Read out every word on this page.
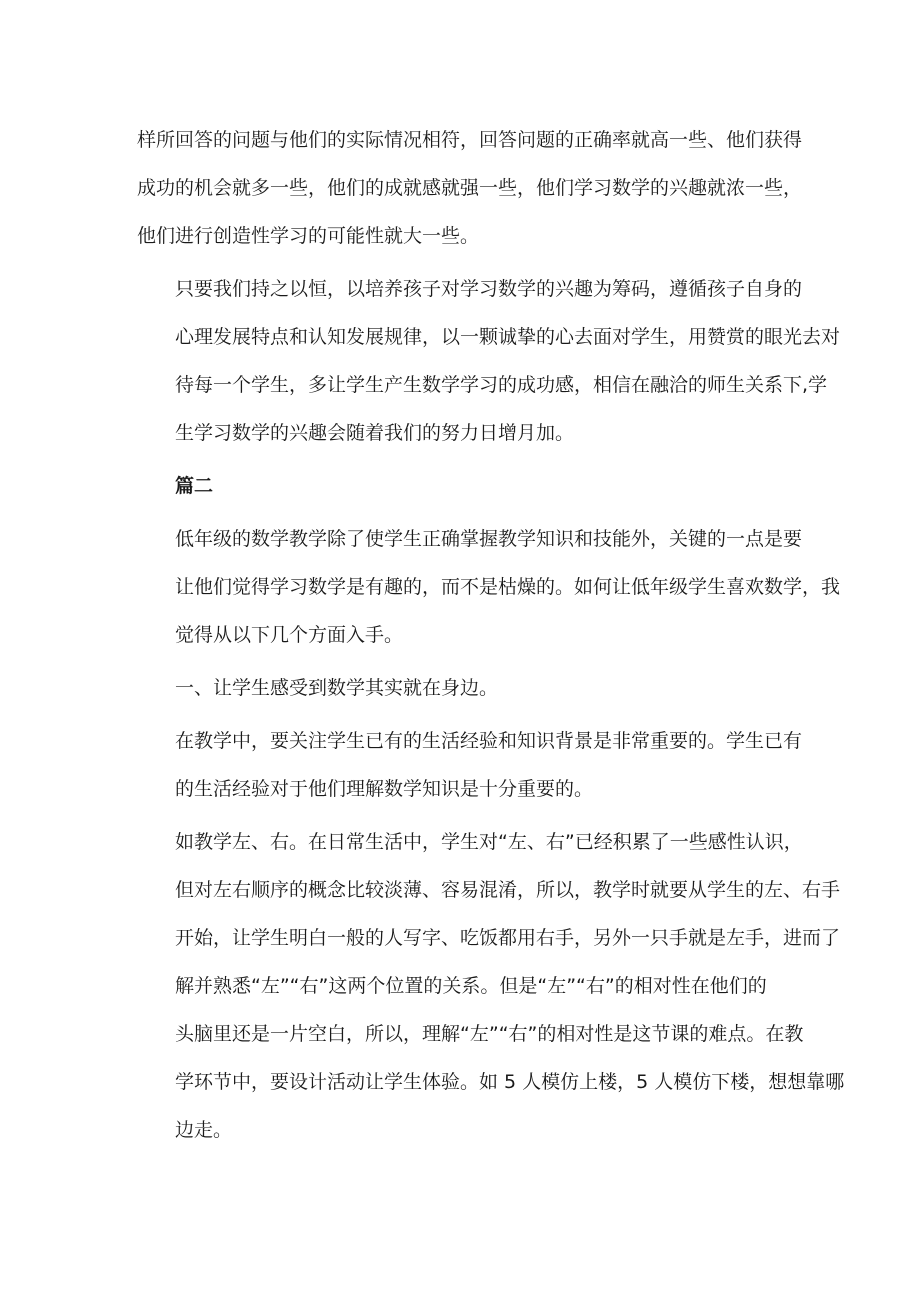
样所回答的问题与他们的实际情况相符，回答问题的正确率就高一些、他们获得
成功的机会就多一些，他们的成就感就强一些，他们学习数学的兴趣就浓一些，
他们进行创造性学习的可能性就大一些。
只要我们持之以恒，以培养孩子对学习数学的兴趣为筹码，遵循孩子自身的
心理发展特点和认知发展规律，以一颗诚挚的心去面对学生，用赞赏的眼光去对
待每一个学生，多让学生产生数学学习的成功感，相信在融洽的师生关系下,学
生学习数学的兴趣会随着我们的努力日增月加。
篇二
低年级的数学教学除了使学生正确掌握教学知识和技能外，关键的一点是要
让他们觉得学习数学是有趣的，而不是枯燥的。如何让低年级学生喜欢数学，我
觉得从以下几个方面入手。
一、让学生感受到数学其实就在身边。
在教学中，要关注学生已有的生活经验和知识背景是非常重要的。学生已有
的生活经验对于他们理解数学知识是十分重要的。
如教学左、右。在日常生活中，学生对“左、右”已经积累了一些感性认识，
但对左右顺序的概念比较淡薄、容易混淆，所以，教学时就要从学生的左、右手
开始，让学生明白一般的人写字、吃饭都用右手，另外一只手就是左手，进而了
解并熟悉“左”“右”这两个位置的关系。但是“左”“右”的相对性在他们的
头脑里还是一片空白，所以，理解“左”“右”的相对性是这节课的难点。在教
学环节中，要设计活动让学生体验。如 5 人模仿上楼，5 人模仿下楼，想想靠哪
边走。
